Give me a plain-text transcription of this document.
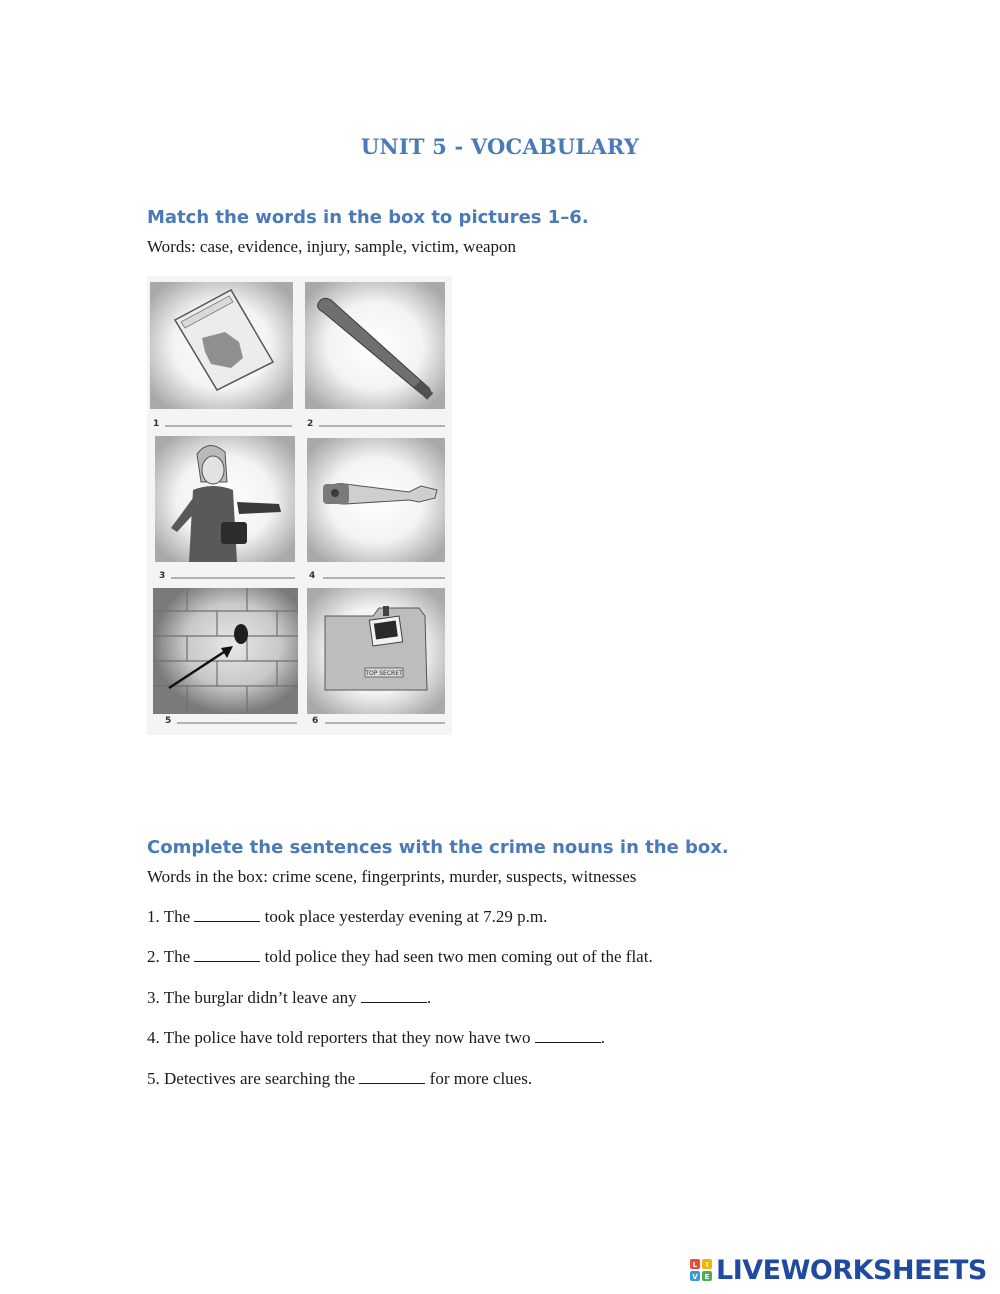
UNIT 5 - VOCABULARY
Match the words in the box to pictures 1–6.
Words: case, evidence, injury, sample, victim, weapon
1	2
3	4
5
TOP SECRET
6
Complete the sentences with the crime nouns in the box.
Words in the box: crime scene, fingerprints, murder, suspects, witnesses
1. The	took place yesterday evening at 7.29 p.m.
2. The	told police they had seen two men coming out of the flat.
3. The burglar didn’t leave any	.
4. The police have told reporters that they now have two	.
5. Detectives are searching the	for more clues.
L I
V E LIVEWORKSHEETS
